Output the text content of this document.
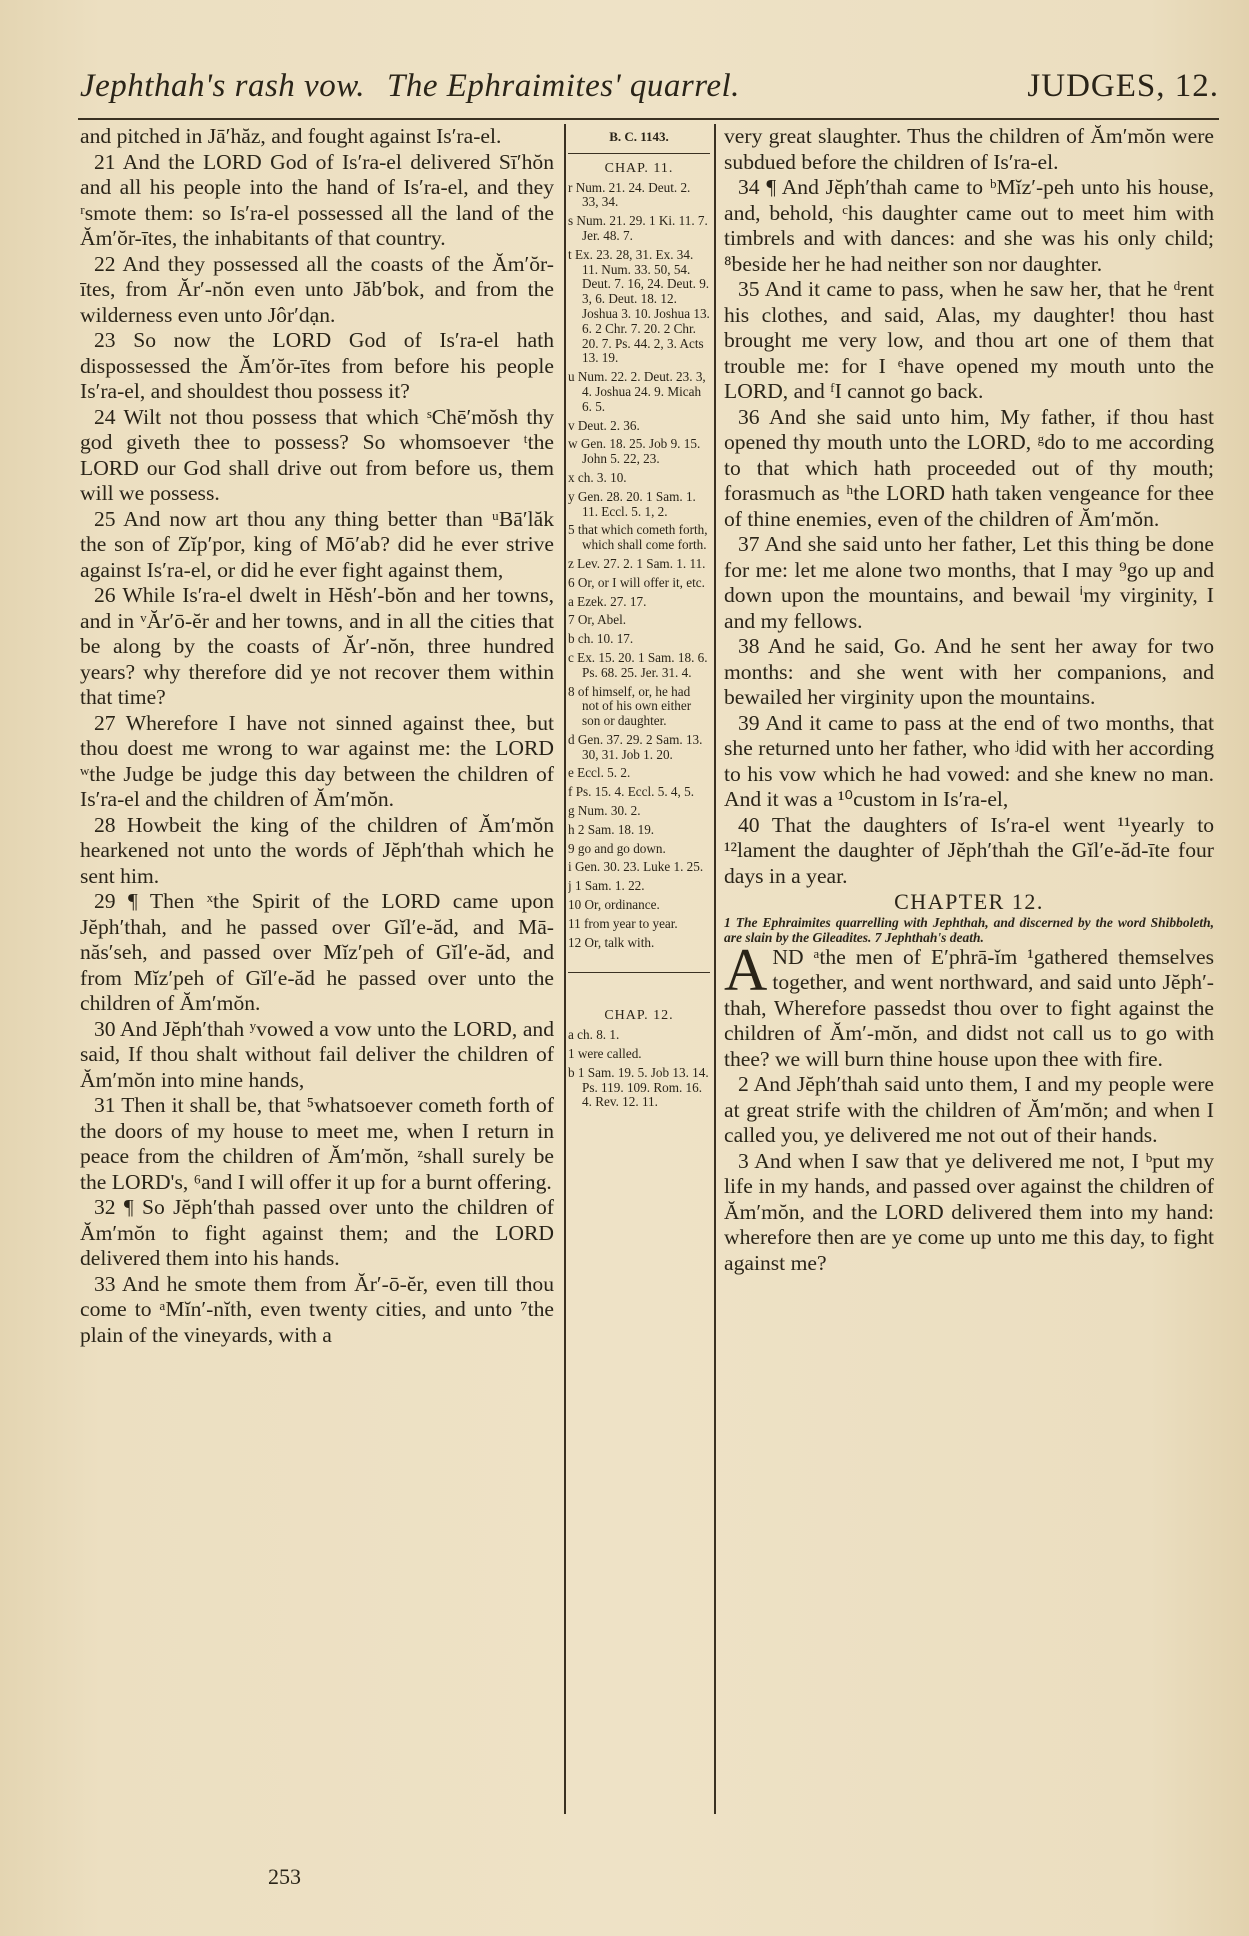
Jephthah's rash vow. The Ephraimites' quarrel.	JUDGES, 12.

and pitched in Jā′hăz, and fought against Is′ra-el.

21 And the LORD God of Is′ra-el delivered Sī′hŏn and all his people into the hand of Is′ra-el, and they ʳsmote them: so Is′ra-el possessed all the land of the Ăm′ŏr-ītes, the inhabitants of that country.

22 And they possessed all the coasts of the Ăm′ŏr-ītes, from Ăr′-nŏn even unto Jăb′bok, and from the wilderness even unto Jôr′dạn.

23 So now the LORD God of Is′ra-el hath dispossessed the Ăm′ŏr-ītes from before his people Is′ra-el, and shouldest thou possess it?

24 Wilt not thou possess that which ˢChē′mŏsh thy god giveth thee to possess? So whomsoever ᵗthe LORD our God shall drive out from before us, them will we possess.

25 And now art thou any thing better than ᵘBā′lăk the son of Zĭp′por, king of Mō′ab? did he ever strive against Is′ra-el, or did he ever fight against them,

26 While Is′ra-el dwelt in Hĕsh′-bŏn and her towns, and in ᵛĂr′ō-ĕr and her towns, and in all the cities that be along by the coasts of Ăr′-nŏn, three hundred years? why therefore did ye not recover them within that time?

27 Wherefore I have not sinned against thee, but thou doest me wrong to war against me: the LORD ʷthe Judge be judge this day between the children of Is′ra-el and the children of Ăm′mŏn.

28 Howbeit the king of the children of Ăm′mŏn hearkened not unto the words of Jĕph′thah which he sent him.

29 ¶ Then ˣthe Spirit of the LORD came upon Jĕph′thah, and he passed over Gĭl′e-ăd, and Mā-năs′seh, and passed over Mĭz′peh of Gĭl′e-ăd, and from Mĭz′peh of Gĭl′e-ăd he passed over unto the children of Ăm′mŏn.

30 And Jĕph′thah ʸvowed a vow unto the LORD, and said, If thou shalt without fail deliver the children of Ăm′mŏn into mine hands,

31 Then it shall be, that ⁵whatsoever cometh forth of the doors of my house to meet me, when I return in peace from the children of Ăm′mŏn, ᶻshall surely be the LORD's, ⁶and I will offer it up for a burnt offering.

32 ¶ So Jĕph′thah passed over unto the children of Ăm′mŏn to fight against them; and the LORD delivered them into his hands.

33 And he smote them from Ăr′-ō-ĕr, even till thou come to ᵃMĭn′-nĭth, even twenty cities, and unto ⁷the plain of the vineyards, with a

B. C. 1143.
CHAP. 11.
r Num. 21. 24. Deut. 2. 33, 34.
s Num. 21. 29. 1 Ki. 11. 7. Jer. 48. 7.
t Ex. 23. 28, 31. Ex. 34. 11. Num. 33. 50, 54. Deut. 7. 16, 24. Deut. 9. 3, 6. Deut. 18. 12. Joshua 3. 10. Joshua 13. 6. 2 Chr. 7. 20. 2 Chr. 20. 7. Ps. 44. 2, 3. Acts 13. 19.
u Num. 22. 2. Deut. 23. 3, 4. Joshua 24. 9. Micah 6. 5.
v Deut. 2. 36.
w Gen. 18. 25. Job 9. 15. John 5. 22, 23.
x ch. 3. 10.
y Gen. 28. 20. 1 Sam. 1. 11. Eccl. 5. 1, 2.
5 that which cometh forth, which shall come forth.
z Lev. 27. 2. 1 Sam. 1. 11.
6 Or, or I will offer it, etc.
a Ezek. 27. 17.
7 Or, Abel.
b ch. 10. 17.
c Ex. 15. 20. 1 Sam. 18. 6. Ps. 68. 25. Jer. 31. 4.
8 of himself, or, he had not of his own either son or daughter.
d Gen. 37. 29. 2 Sam. 13. 30, 31. Job 1. 20.
e Eccl. 5. 2.
f Ps. 15. 4. Eccl. 5. 4, 5.
g Num. 30. 2.
h 2 Sam. 18. 19.
9 go and go down.
i Gen. 30. 23. Luke 1. 25.
j 1 Sam. 1. 22.
10 Or, ordinance.
11 from year to year.
12 Or, talk with.
CHAP. 12.
a ch. 8. 1.
1 were called.
b 1 Sam. 19. 5. Job 13. 14. Ps. 119. 109. Rom. 16. 4. Rev. 12. 11.

very great slaughter. Thus the children of Ăm′mŏn were subdued before the children of Is′ra-el.

34 ¶ And Jĕph′thah came to ᵇMĭz′-peh unto his house, and, behold, ᶜhis daughter came out to meet him with timbrels and with dances: and she was his only child; ⁸beside her he had neither son nor daughter.

35 And it came to pass, when he saw her, that he ᵈrent his clothes, and said, Alas, my daughter! thou hast brought me very low, and thou art one of them that trouble me: for I ᵉhave opened my mouth unto the LORD, and ᶠI cannot go back.

36 And she said unto him, My father, if thou hast opened thy mouth unto the LORD, ᵍdo to me according to that which hath proceeded out of thy mouth; forasmuch as ʰthe LORD hath taken vengeance for thee of thine enemies, even of the children of Ăm′mŏn.

37 And she said unto her father, Let this thing be done for me: let me alone two months, that I may ⁹go up and down upon the mountains, and bewail ⁱmy virginity, I and my fellows.

38 And he said, Go. And he sent her away for two months: and she went with her companions, and bewailed her virginity upon the mountains.

39 And it came to pass at the end of two months, that she returned unto her father, who ʲdid with her according to his vow which he had vowed: and she knew no man. And it was a ¹⁰custom in Is′ra-el,

40 That the daughters of Is′ra-el went ¹¹yearly to ¹²lament the daughter of Jĕph′thah the Gĭl′e-ăd-īte four days in a year.

CHAPTER 12.

1 The Ephraimites quarrelling with Jephthah, and discerned by the word Shibboleth, are slain by the Gileadites. 7 Jephthah's death.

AND ᵃthe men of E′phrā-ĭm ¹gathered themselves together, and went northward, and said unto Jĕph′-thah, Wherefore passedst thou over to fight against the children of Ăm′-mŏn, and didst not call us to go with thee? we will burn thine house upon thee with fire.

2 And Jĕph′thah said unto them, I and my people were at great strife with the children of Ăm′mŏn; and when I called you, ye delivered me not out of their hands.

3 And when I saw that ye delivered me not, I ᵇput my life in my hands, and passed over against the children of Ăm′mŏn, and the LORD delivered them into my hand: wherefore then are ye come up unto me this day, to fight against me?

253
